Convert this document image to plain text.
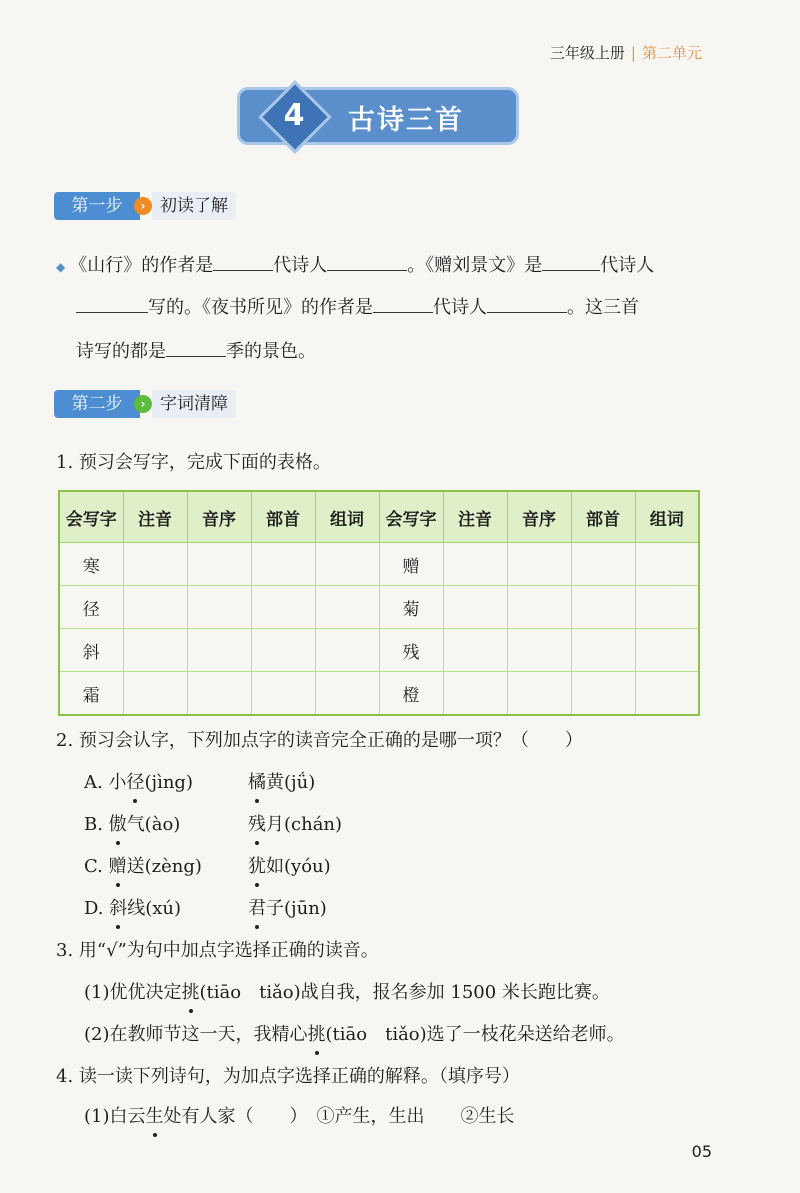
三年级上册 | 第二单元
4	古诗三首
第一步	› 初读了解
◆ 《山行》的作者是	代诗人	。《赠刘景文》是	代诗人
写的。《夜书所见》的作者是	代诗人	。这三首
诗写的都是	季的景色。
第二步	› 字词清障
1. 预习会写字，完成下面的表格。
会写字	注音	音序	部首	组词	会写字	注音	音序	部首	组词
寒					赠				
径					菊				
斜					残				
霜					橙				
2. 预习会认字，下列加点字的读音完全正确的是哪一项？（　　）
A. 小径(jìng)	橘黄(jǘ)
B. 傲气(ào)	残月(chán)
C. 赠送(zèng)	犹如(yóu)
D. 斜线(xú)	君子(jūn)
3. 用“√”为句中加点字选择正确的读音。
(1)优优决定挑(tiāo　tiǎo)战自我，报名参加 1500 米长跑比赛。
(2)在教师节这一天，我精心挑(tiāo　tiǎo)选了一枝花朵送给老师。
4. 读一读下列诗句，为加点字选择正确的解释。（填序号）
(1)白云生处有人家（　　）　①产生，生出　　②生长
05
